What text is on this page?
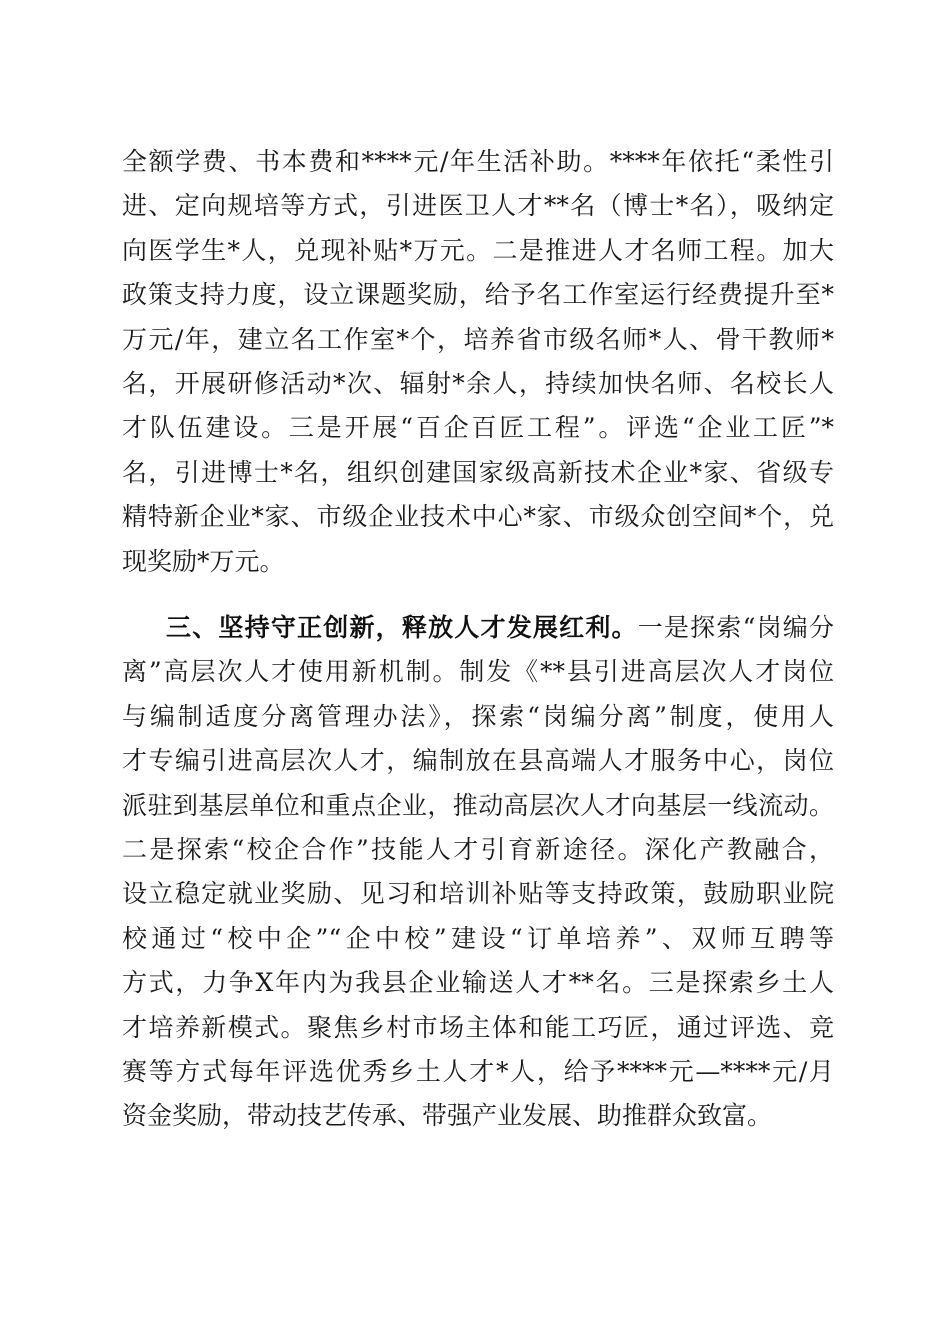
全额学费、书本费和****元/年生活补助。****年依托“柔性引
进、定向规培等方式，引进医卫人才**名（博士*名），吸纳定
向医学生*人，兑现补贴*万元。二是推进人才名师工程。加大
政策支持力度，设立课题奖励，给予名工作室运行经费提升至*
万元/年，建立名工作室*个，培养省市级名师*人、骨干教师*
名，开展研修活动*次、辐射*余人，持续加快名师、名校长人
才队伍建设。三是开展“百企百匠工程”。评选“企业工匠”*
名，引进博士*名，组织创建国家级高新技术企业*家、省级专
精特新企业*家、市级企业技术中心*家、市级众创空间*个，兑
现奖励*万元。
三、坚持守正创新，释放人才发展红利。一是探索“岗编分
离”高层次人才使用新机制。制发《**县引进高层次人才岗位
与编制适度分离管理办法》，探索“岗编分离”制度，使用人
才专编引进高层次人才，编制放在县高端人才服务中心，岗位
派驻到基层单位和重点企业，推动高层次人才向基层一线流动。
二是探索“校企合作”技能人才引育新途径。深化产教融合，
设立稳定就业奖励、见习和培训补贴等支持政策，鼓励职业院
校通过“校中企”“企中校”建设“订单培养”、双师互聘等
方式，力争X年内为我县企业输送人才**名。三是探索乡土人
才培养新模式。聚焦乡村市场主体和能工巧匠，通过评选、竞
赛等方式每年评选优秀乡土人才*人，给予****元—****元/月
资金奖励，带动技艺传承、带强产业发展、助推群众致富。
